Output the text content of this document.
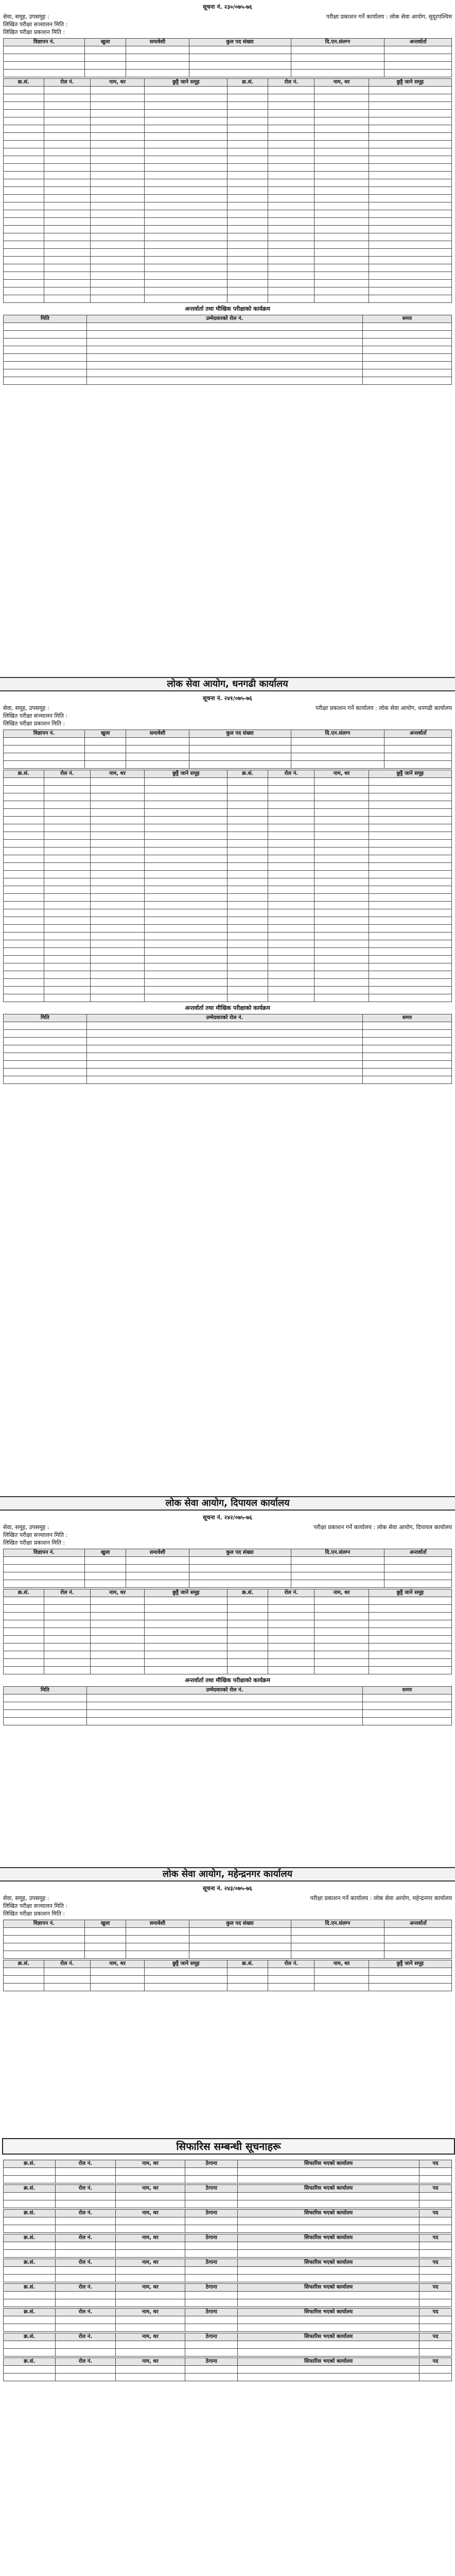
सूचना नं. २३०/०७५-७६
सेवा, समूह, उपसमूह :	परीक्षा प्रकाशन गर्ने कार्यालय : लोक सेवा आयोग, सुदूरपश्चिम
लिखित परीक्षा सञ्चालन मिति :
लिखित परीक्षा प्रकाशन मिति :
विज्ञापन नं.	खुला	समावेशी	कुल पद संख्या	दि.एन.संलग्न	अन्तर्वार्ता

क्र.सं.	रोल नं.	नाम, थर	छुट्टै जाने समूह	क्र.सं.	रोल नं.	नाम, थर	छुट्टै जाने समूह

अन्तर्वार्ता तथा मौखिक परीक्षाको कार्यक्रम
मिति	उम्मेदवारको रोल नं.	समय

लोक सेवा आयोग, धनगढी कार्यालय
सूचना नं. २४१/०७५-७६
सेवा, समूह, उपसमूह :	परीक्षा प्रकाशन गर्ने कार्यालय : लोक सेवा आयोग, धनगढी कार्यालय
लिखित परीक्षा सञ्चालन मिति :
लिखित परीक्षा प्रकाशन मिति :
विज्ञापन नं.	खुला	समावेशी	कुल पद संख्या	दि.एन.संलग्न	अन्तर्वार्ता

क्र.सं.	रोल नं.	नाम, थर	छुट्टै जाने समूह	क्र.सं.	रोल नं.	नाम, थर	छुट्टै जाने समूह

अन्तर्वार्ता तथा मौखिक परीक्षाको कार्यक्रम
मिति	उम्मेदवारको रोल नं.	समय

लोक सेवा आयोग, दिपायल कार्यालय
सूचना नं. २४२/०७५-७६
सेवा, समूह, उपसमूह :	परीक्षा प्रकाशन गर्ने कार्यालय : लोक सेवा आयोग, दिपायल कार्यालय
लिखित परीक्षा सञ्चालन मिति :
लिखित परीक्षा प्रकाशन मिति :
विज्ञापन नं.	खुला	समावेशी	कुल पद संख्या	दि.एन.संलग्न	अन्तर्वार्ता

क्र.सं.	रोल नं.	नाम, थर	छुट्टै जाने समूह	क्र.सं.	रोल नं.	नाम, थर	छुट्टै जाने समूह

अन्तर्वार्ता तथा मौखिक परीक्षाको कार्यक्रम
मिति	उम्मेदवारको रोल नं.	समय

लोक सेवा आयोग, महेन्द्रनगर कार्यालय
सूचना नं. २४३/०७५-७६
सेवा, समूह, उपसमूह :	परीक्षा प्रकाशन गर्ने कार्यालय : लोक सेवा आयोग, महेन्द्रनगर कार्यालय
लिखित परीक्षा सञ्चालन मिति :
लिखित परीक्षा प्रकाशन मिति :
विज्ञापन नं.	खुला	समावेशी	कुल पद संख्या	दि.एन.संलग्न	अन्तर्वार्ता

क्र.सं.	रोल नं.	नाम, थर	छुट्टै जाने समूह	क्र.सं.	रोल नं.	नाम, थर	छुट्टै जाने समूह

सिफारिस सम्बन्धी सूचनाहरू
क्र.सं.	रोल नं.	नाम, थर	ठेगाना	सिफारिस भएको कार्यालय	पद

क्र.सं.	रोल नं.	नाम, थर	ठेगाना	सिफारिस भएको कार्यालय	पद

क्र.सं.	रोल नं.	नाम, थर	ठेगाना	सिफारिस भएको कार्यालय	पद

क्र.सं.	रोल नं.	नाम, थर	ठेगाना	सिफारिस भएको कार्यालय	पद

क्र.सं.	रोल नं.	नाम, थर	ठेगाना	सिफारिस भएको कार्यालय	पद

क्र.सं.	रोल नं.	नाम, थर	ठेगाना	सिफारिस भएको कार्यालय	पद

क्र.सं.	रोल नं.	नाम, थर	ठेगाना	सिफारिस भएको कार्यालय	पद

क्र.सं.	रोल नं.	नाम, थर	ठेगाना	सिफारिस भएको कार्यालय	पद

क्र.सं.	रोल नं.	नाम, थर	ठेगाना	सिफारिस भएको कार्यालय	पद
